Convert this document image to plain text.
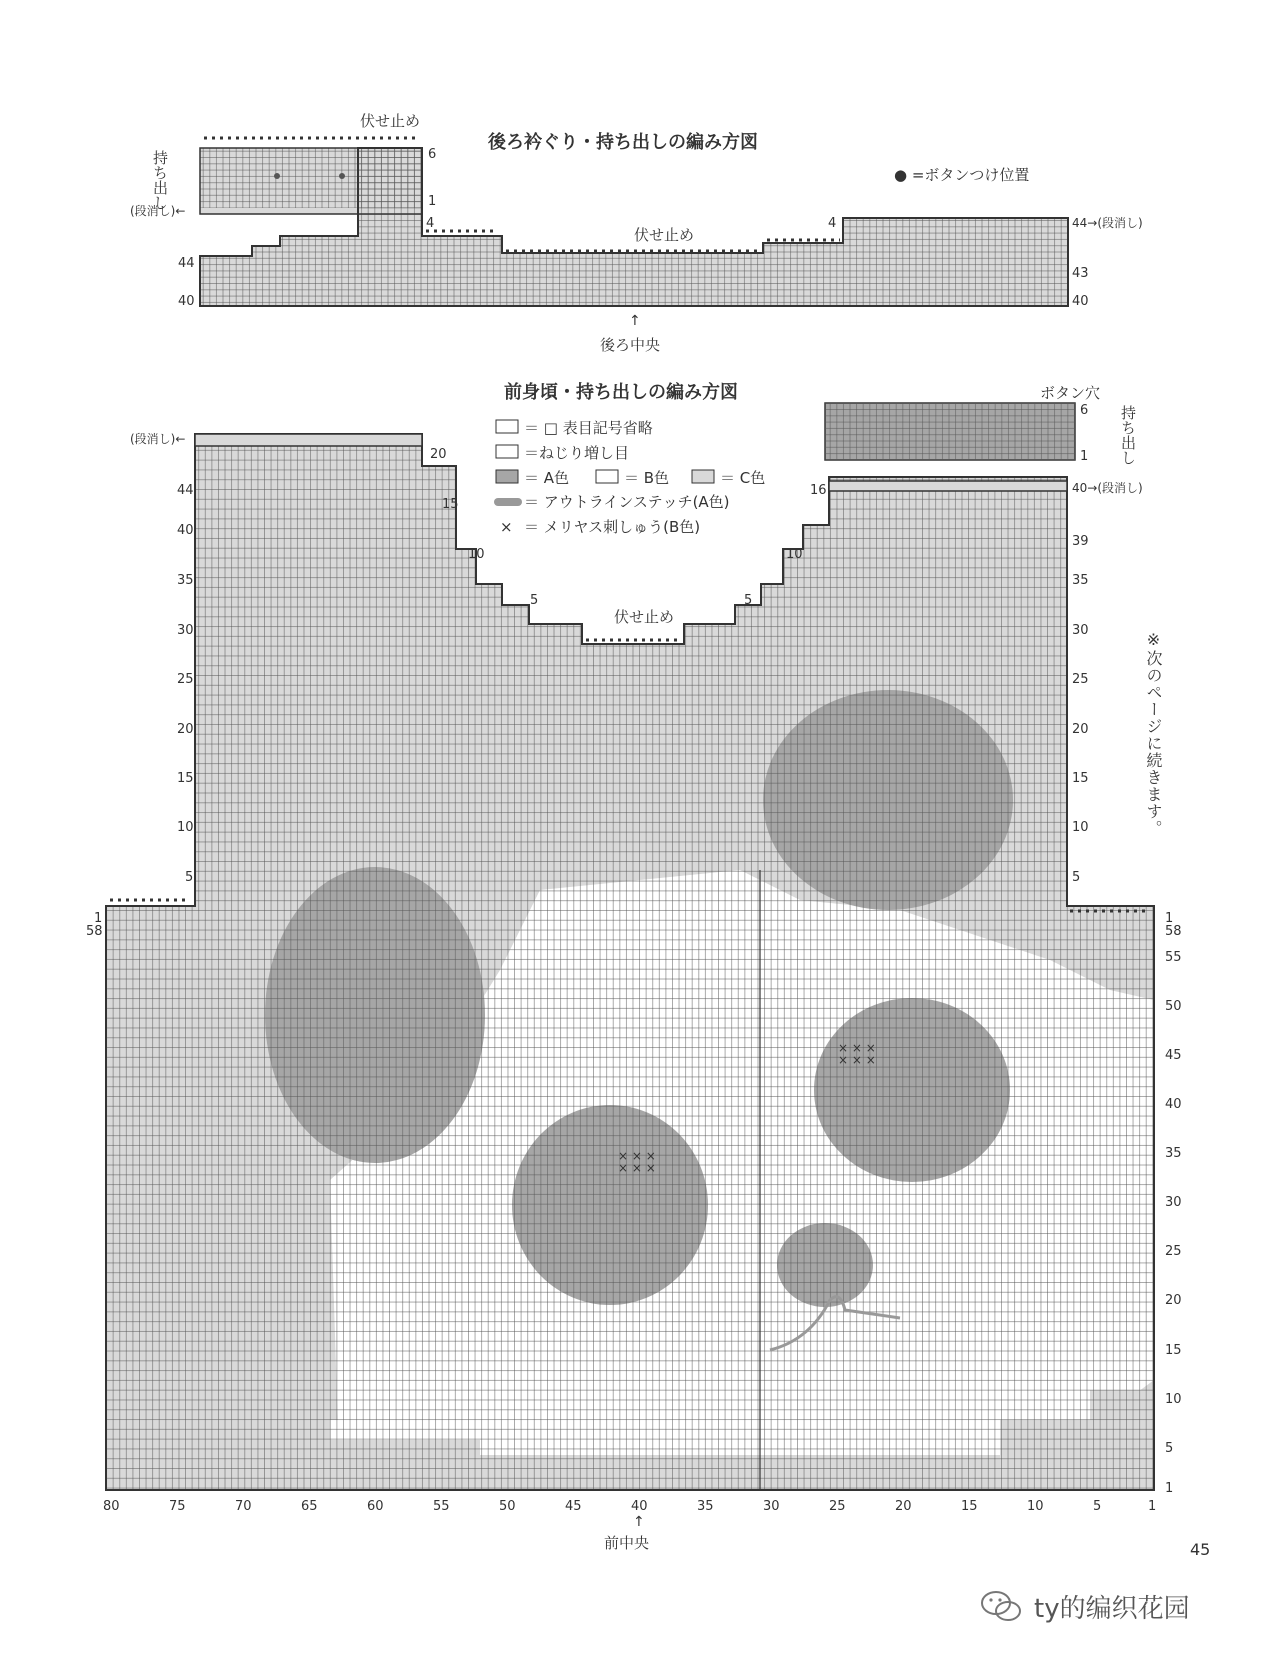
後ろ衿ぐり・持ち出しの編み方図
伏せ止め
伏せ止め
● =ボタンつけ位置
後ろ中央
↑
持ち出し
44
40
43
40
6
1
4	4
(段消し)←
44→(段消し)
× × ×
× × ×
× × ×
× × ×
前身頃・持ち出しの編み方図
伏せ止め
ボタン穴
持ち出し
前中央
↑
(段消し)←
40→(段消し)
6
1
＝ □ 表目記号省略
＝ねじり増し目
＝ A色	＝ B色	＝ C色
＝ アウトラインステッチ(A色)
× ＝ メリヤス刺しゅう(B色)
44
40
35
30
25
20
15
10
5
1
58
20
15
10
5
16
10
5
39
35
30
25
20
15
10
5
1
58
55
50
45
40
35
30
25
20
15
10
5
1
80	75	70	65	60	55	50	45	40	35	30	25	20	15	10	5	1
※次のページに続きます。
45
ty的编织花园
